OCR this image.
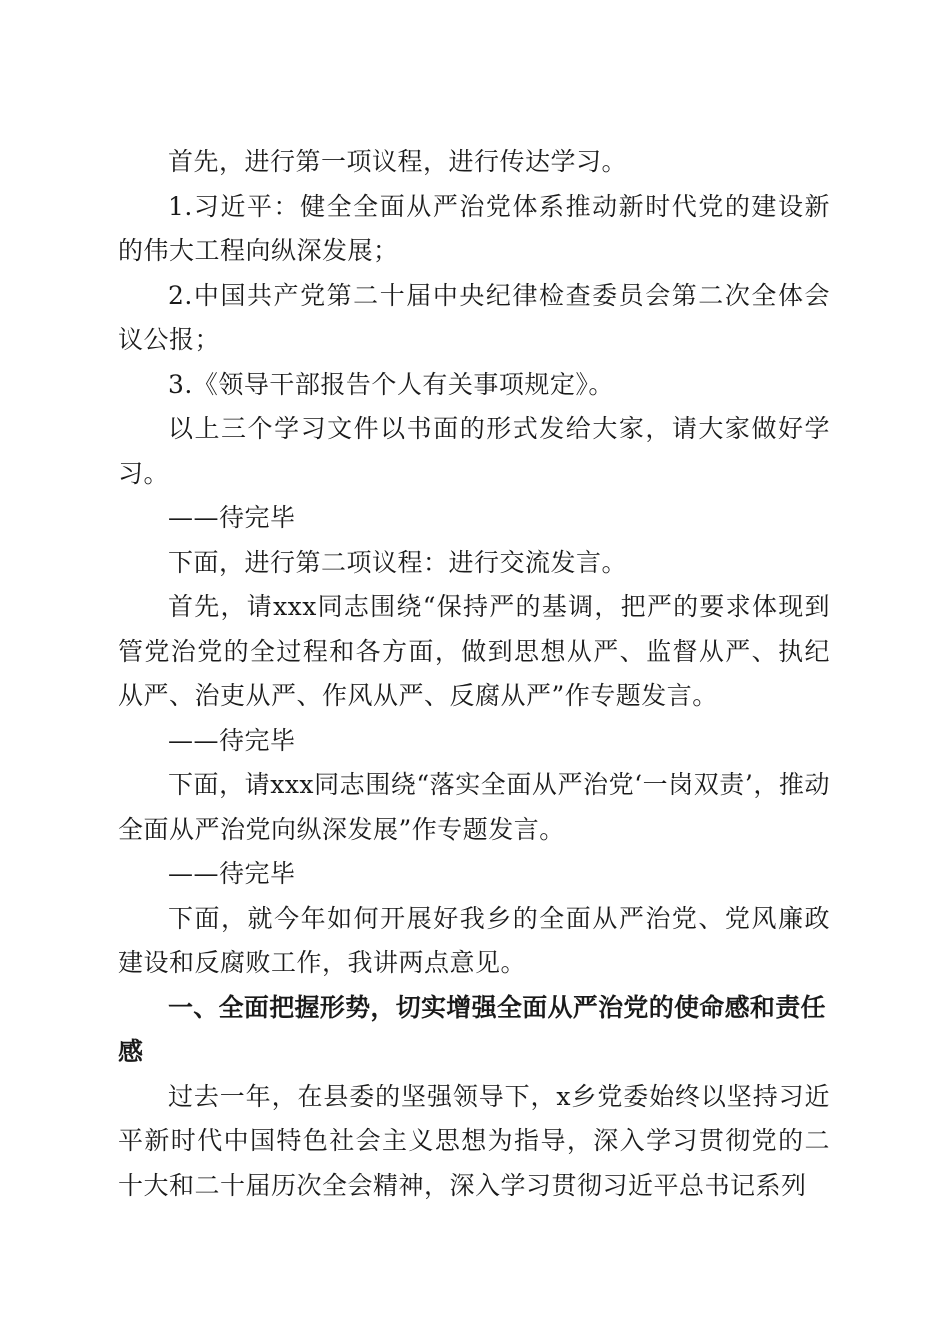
首先，进行第一项议程，进行传达学习。

1.习近平：健全全面从严治党体系推动新时代党的建设新的伟大工程向纵深发展；

2.中国共产党第二十届中央纪律检查委员会第二次全体会议公报；

3.《领导干部报告个人有关事项规定》。

以上三个学习文件以书面的形式发给大家，请大家做好学习。

——待完毕

下面，进行第二项议程：进行交流发言。

首先，请xxx同志围绕“保持严的基调，把严的要求体现到管党治党的全过程和各方面，做到思想从严、监督从严、执纪从严、治吏从严、作风从严、反腐从严”作专题发言。

——待完毕

下面，请xxx同志围绕“落实全面从严治党‘一岗双责’，推动全面从严治党向纵深发展”作专题发言。

——待完毕

下面，就今年如何开展好我乡的全面从严治党、党风廉政建设和反腐败工作，我讲两点意见。

一、全面把握形势，切实增强全面从严治党的使命感和责任感

过去一年，在县委的坚强领导下，x乡党委始终以坚持习近平新时代中国特色社会主义思想为指导，深入学习贯彻党的二十大和二十届历次全会精神，深入学习贯彻习近平总书记系列
